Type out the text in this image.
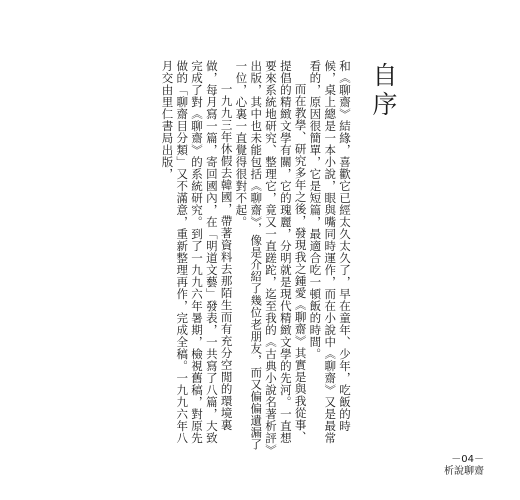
自序

和《聊齋》結緣，喜歡它已經太久太久了，早在童年、少年，吃飯的時候，桌上總是一本小說，眼與嘴同時運作，而在小說中《聊齋》又是最常看的，原因很簡單，它是短篇，最適合吃一頓飯的時間。

而在教學、研究多年之後，發現我之鍾愛《聊齋》其實是與我從事、提倡的精緻文學有關，它的瑰麗，分明就是現代精緻文學的先河。一直想要來系統地研究、整理它，竟又一直蹉跎，迄至我的《古典小說名著析評》出版，其中也未能包括《聊齋》，像是介紹了幾位老朋友，而又偏偏遺漏了一位，心裏一直覺得很對不起。

一九九三年休假去韓國，帶著資料去那陌生而有充分空閒的環境裏做，每月寫一篇，寄回國內，在「明道文藝」發表，一共寫了八篇，大致完成了對《聊齋》的系統研究。到了一九九六年暑期，檢視舊稿，對原先做的「聊齋目分類」又不滿意，重新整理再作，完成全稿。一九九六年八月交由里仁書局出版，

－04－
析說聊齋
